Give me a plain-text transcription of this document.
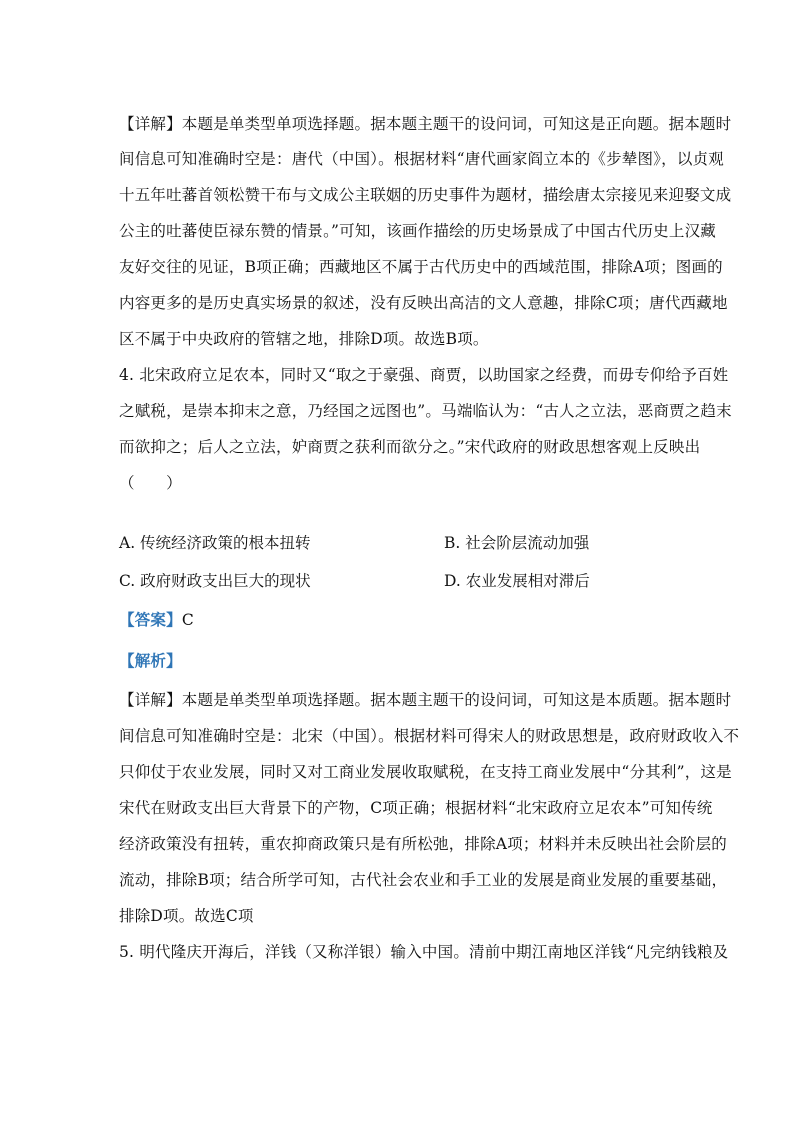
【详解】本题是单类型单项选择题。据本题主题干的设问词，可知这是正向题。据本题时
间信息可知准确时空是：唐代（中国）。根据材料“唐代画家阎立本的《步辇图》，以贞观
十五年吐蕃首领松赞干布与文成公主联姻的历史事件为题材，描绘唐太宗接见来迎娶文成
公主的吐蕃使臣禄东赞的情景。”可知，该画作描绘的历史场景成了中国古代历史上汉藏
友好交往的见证，B项正确；西藏地区不属于古代历史中的西域范围，排除A项；图画的
内容更多的是历史真实场景的叙述，没有反映出高洁的文人意趣，排除C项；唐代西藏地
区不属于中央政府的管辖之地，排除D项。故选B项。
4. 北宋政府立足农本，同时又“取之于豪强、商贾，以助国家之经费，而毋专仰给予百姓
之赋税，是崇本抑末之意，乃经国之远图也”。马端临认为：“古人之立法，恶商贾之趋末
而欲抑之；后人之立法，妒商贾之获利而欲分之。”宋代政府的财政思想客观上反映出
（　　）
A. 传统经济政策的根本扭转	B. 社会阶层流动加强
C. 政府财政支出巨大的现状	D. 农业发展相对滞后
【答案】C
【解析】
【详解】本题是单类型单项选择题。据本题主题干的设问词，可知这是本质题。据本题时
间信息可知准确时空是：北宋（中国）。根据材料可得宋人的财政思想是，政府财政收入不
只仰仗于农业发展，同时又对工商业发展收取赋税，在支持工商业发展中“分其利”，这是
宋代在财政支出巨大背景下的产物，C项正确；根据材料“北宋政府立足农本”可知传统
经济政策没有扭转，重农抑商政策只是有所松弛，排除A项；材料并未反映出社会阶层的
流动，排除B项；结合所学可知，古代社会农业和手工业的发展是商业发展的重要基础，
排除D项。故选C项
5. 明代隆庆开海后，洋钱（又称洋银）输入中国。清前中期江南地区洋钱“凡完纳钱粮及
